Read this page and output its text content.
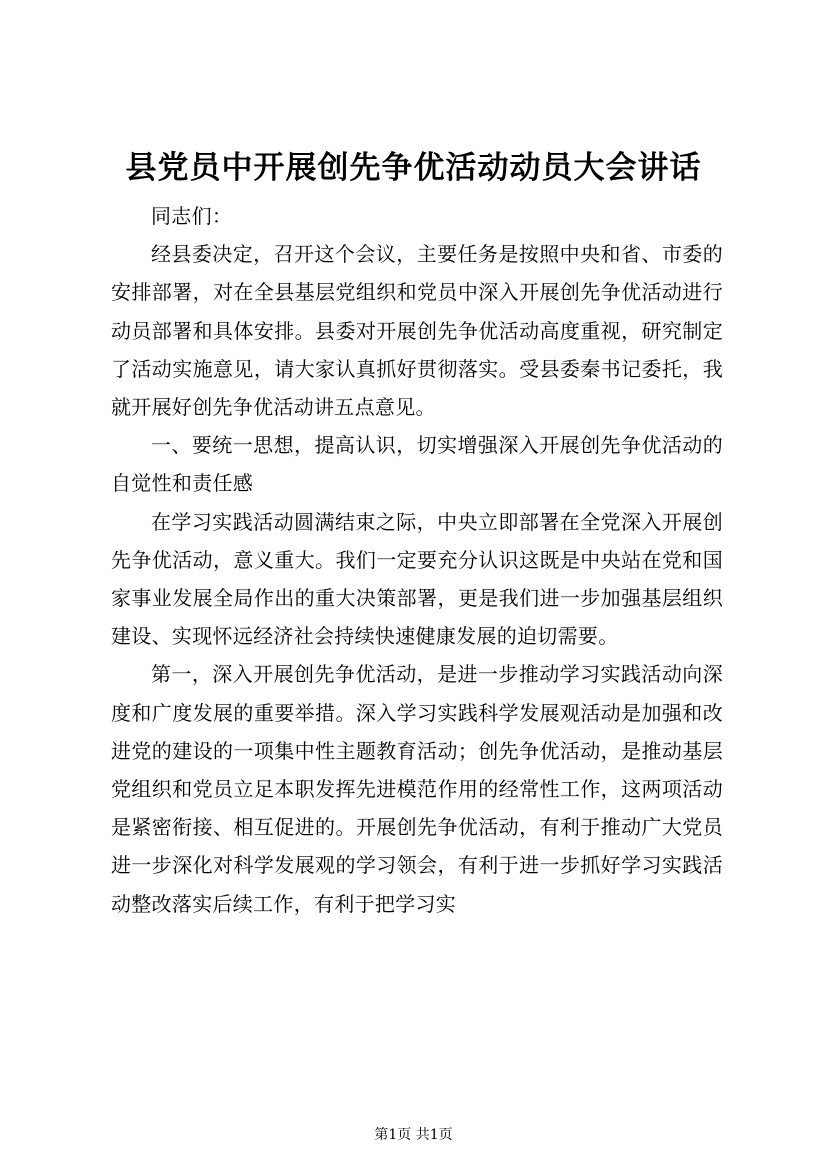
县党员中开展创先争优活动动员大会讲话

同志们：

经县委决定，召开这个会议，主要任务是按照中央和省、市委的安排部署，对在全县基层党组织和党员中深入开展创先争优活动进行动员部署和具体安排。县委对开展创先争优活动高度重视，研究制定了活动实施意见，请大家认真抓好贯彻落实。受县委秦书记委托，我就开展好创先争优活动讲五点意见。

一、要统一思想，提高认识，切实增强深入开展创先争优活动的自觉性和责任感

在学习实践活动圆满结束之际，中央立即部署在全党深入开展创先争优活动，意义重大。我们一定要充分认识这既是中央站在党和国家事业发展全局作出的重大决策部署，更是我们进一步加强基层组织建设、实现怀远经济社会持续快速健康发展的迫切需要。

第一，深入开展创先争优活动，是进一步推动学习实践活动向深度和广度发展的重要举措。深入学习实践科学发展观活动是加强和改进党的建设的一项集中性主题教育活动；创先争优活动，是推动基层党组织和党员立足本职发挥先进模范作用的经常性工作，这两项活动是紧密衔接、相互促进的。开展创先争优活动，有利于推动广大党员进一步深化对科学发展观的学习领会，有利于进一步抓好学习实践活动整改落实后续工作，有利于把学习实

第1页 共1页
